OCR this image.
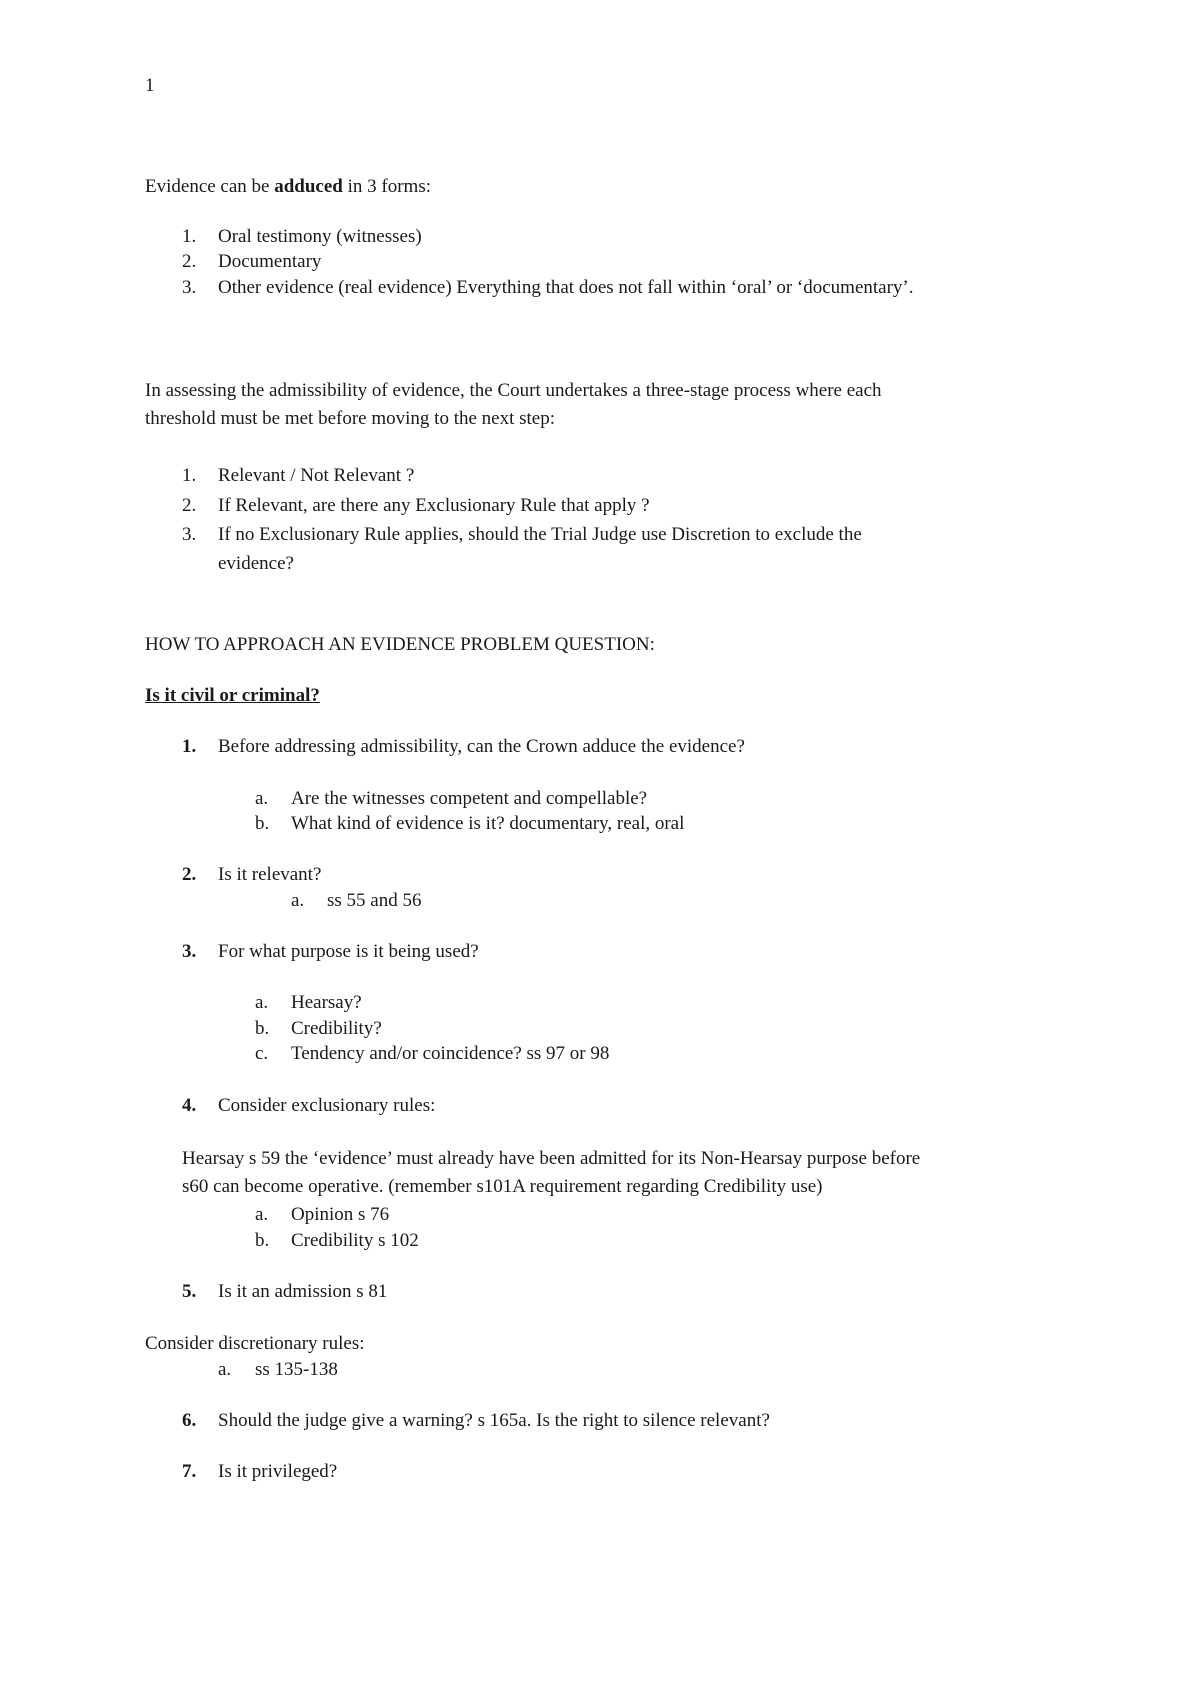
1
Evidence can be adduced in 3 forms:
1. Oral testimony (witnesses)
2. Documentary
3. Other evidence (real evidence) Everything that does not fall within ‘oral’ or ‘documentary’.
In assessing the admissibility of evidence, the Court undertakes a three-stage process where each
threshold must be met before moving to the next step:
1. Relevant / Not Relevant ?
2. If Relevant, are there any Exclusionary Rule that apply ?
3. If no Exclusionary Rule applies, should the Trial Judge use Discretion to exclude the
evidence?
HOW TO APPROACH AN EVIDENCE PROBLEM QUESTION:
Is it civil or criminal?
1. Before addressing admissibility, can the Crown adduce the evidence?
a. Are the witnesses competent and compellable?
b. What kind of evidence is it? documentary, real, oral
2. Is it relevant?
a. ss 55 and 56
3. For what purpose is it being used?
a. Hearsay?
b. Credibility?
c. Tendency and/or coincidence? ss 97 or 98
4. Consider exclusionary rules:
Hearsay s 59 the ‘evidence’ must already have been admitted for its Non-Hearsay purpose before
s60 can become operative. (remember s101A requirement regarding Credibility use)
a. Opinion s 76
b. Credibility s 102
5. Is it an admission s 81
Consider discretionary rules:
a. ss 135-138
6. Should the judge give a warning? s 165a. Is the right to silence relevant?
7. Is it privileged?
